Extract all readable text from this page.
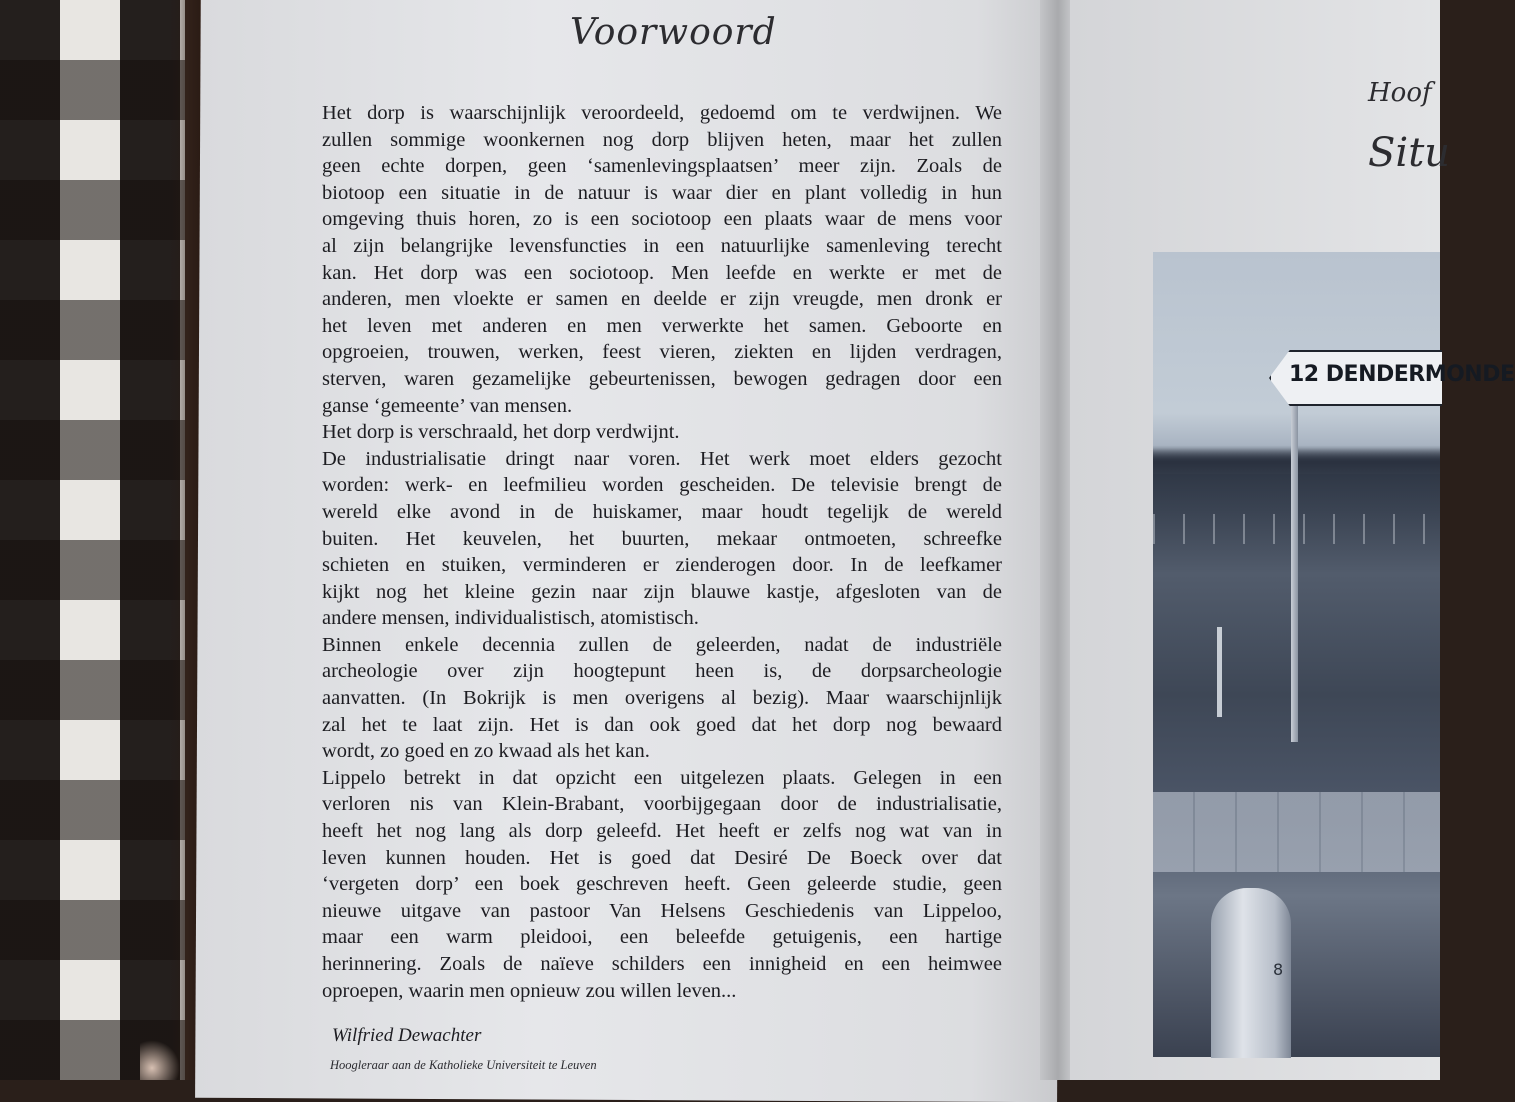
Voorwoord
Het dorp is waarschijnlijk veroordeeld, gedoemd om te verdwijnen. We
zullen sommige woonkernen nog dorp blijven heten, maar het zullen
geen echte dorpen, geen ‘samenlevingsplaatsen’ meer zijn. Zoals de
biotoop een situatie in de natuur is waar dier en plant volledig in hun
omgeving thuis horen, zo is een sociotoop een plaats waar de mens voor
al zijn belangrijke levensfuncties in een natuurlijke samenleving terecht
kan. Het dorp was een sociotoop. Men leefde en werkte er met de
anderen, men vloekte er samen en deelde er zijn vreugde, men dronk er
het leven met anderen en men verwerkte het samen. Geboorte en
opgroeien, trouwen, werken, feest vieren, ziekten en lijden verdragen,
sterven, waren gezamelijke gebeurtenissen, bewogen gedragen door een
ganse ‘gemeente’ van mensen.
Het dorp is verschraald, het dorp verdwijnt.
De industrialisatie dringt naar voren. Het werk moet elders gezocht
worden: werk- en leefmilieu worden gescheiden. De televisie brengt de
wereld elke avond in de huiskamer, maar houdt tegelijk de wereld
buiten. Het keuvelen, het buurten, mekaar ontmoeten, schreefke
schieten en stuiken, verminderen er zienderogen door. In de leefkamer
kijkt nog het kleine gezin naar zijn blauwe kastje, afgesloten van de
andere mensen, individualistisch, atomistisch.
Binnen enkele decennia zullen de geleerden, nadat de industriële
archeologie over zijn hoogtepunt heen is, de dorpsarcheologie
aanvatten. (In Bokrijk is men overigens al bezig). Maar waarschijnlijk
zal het te laat zijn. Het is dan ook goed dat het dorp nog bewaard
wordt, zo goed en zo kwaad als het kan.
Lippelo betrekt in dat opzicht een uitgelezen plaats. Gelegen in een
verloren nis van Klein-Brabant, voorbijgegaan door de industrialisatie,
heeft het nog lang als dorp geleefd. Het heeft er zelfs nog wat van in
leven kunnen houden. Het is goed dat Desiré De Boeck over dat
‘vergeten dorp’ een boek geschreven heeft. Geen geleerde studie, geen
nieuwe uitgave van pastoor Van Helsens Geschiedenis van Lippeloo,
maar een warm pleidooi, een beleefde getuigenis, een hartige
herinnering. Zoals de naïeve schilders een innigheid en een heimwee
oproepen, waarin men opnieuw zou willen leven...
Wilfried Dewachter
Hoogleraar aan de Katholieke Universiteit te Leuven
Hoof
Situ
12 DENDERMONDE
8
